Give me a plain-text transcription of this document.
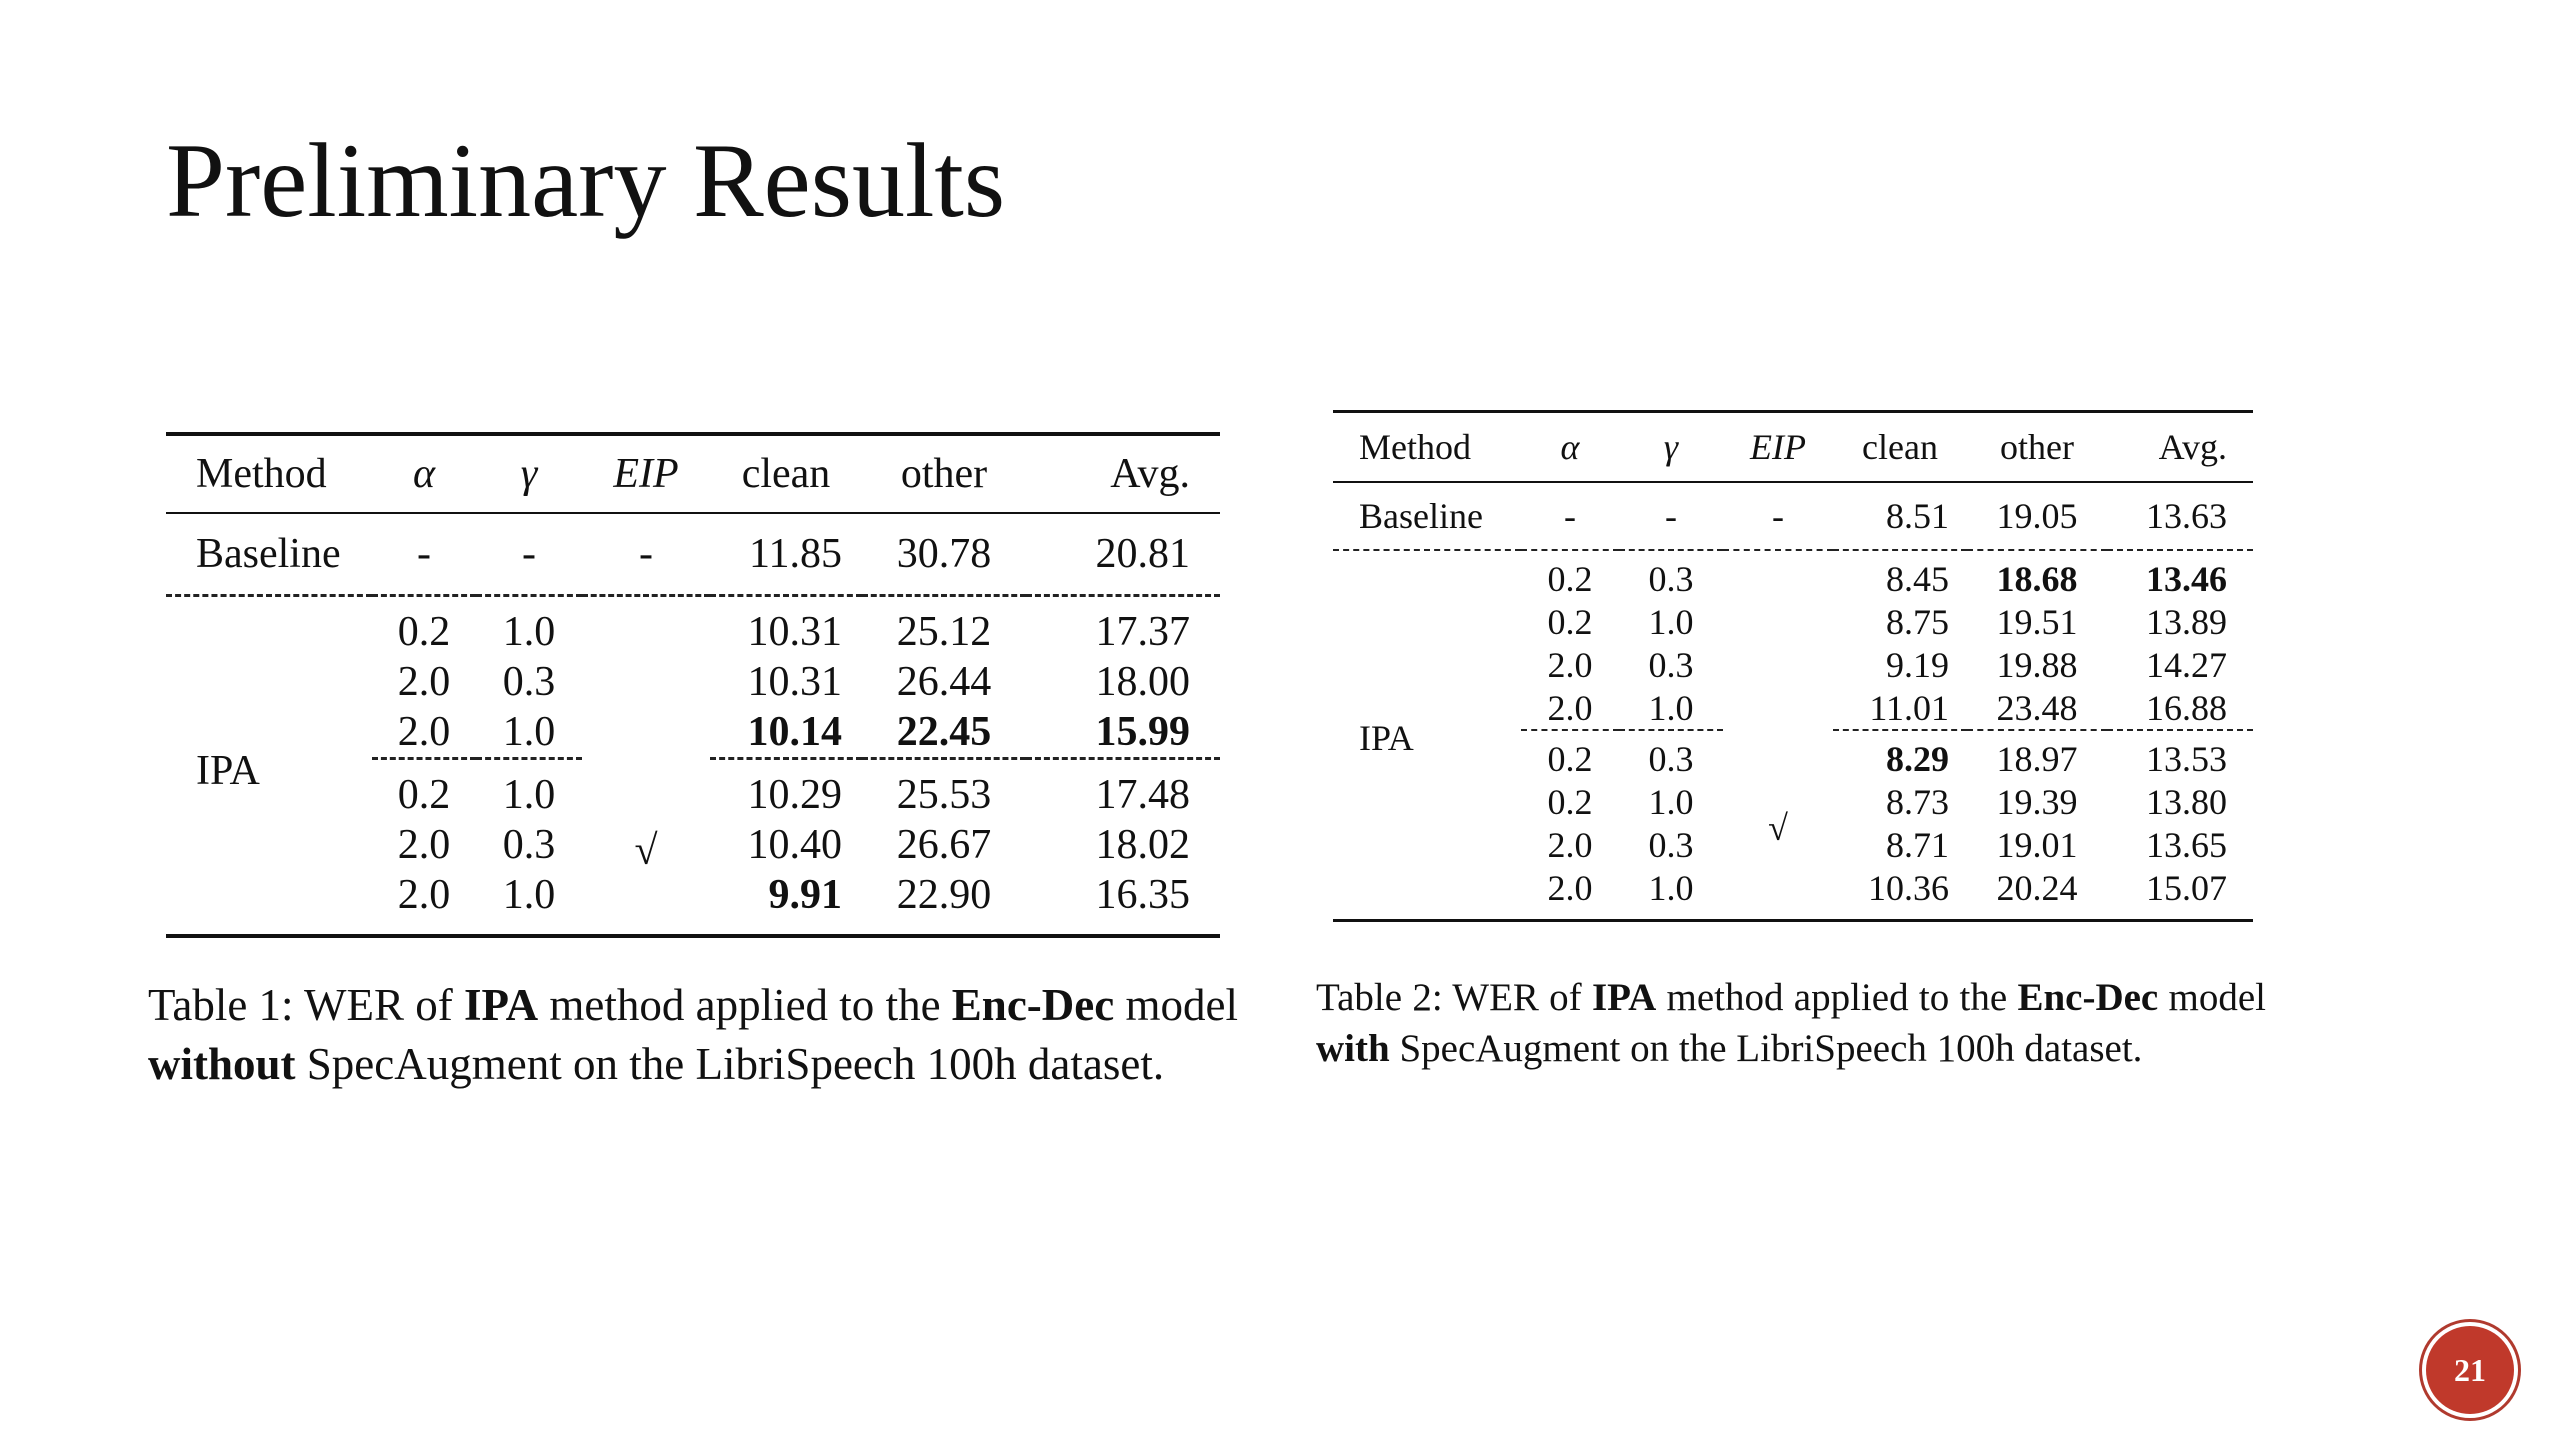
Preliminary Results
Method	α	γ	EIP	clean	other	Avg.
Baseline	-	-	-	11.85	30.78	20.81
IPA	0.2	1.0		10.31	25.12	17.37
	2.0	0.3		10.31	26.44	18.00
	2.0	1.0		10.14	22.45	15.99
	0.2	1.0	√	10.29	25.53	17.48
	2.0	0.3		10.40	26.67	18.02
	2.0	1.0		9.91	22.90	16.35
Table 1: WER of IPA method applied to the Enc-Dec model without SpecAugment on the LibriSpeech 100h dataset.
Method	α	γ	EIP	clean	other	Avg.
Baseline	-	-	-	8.51	19.05	13.63
IPA	0.2	0.3		8.45	18.68	13.46
	0.2	1.0		8.75	19.51	13.89
	2.0	0.3		9.19	19.88	14.27
	2.0	1.0		11.01	23.48	16.88
	0.2	0.3	√	8.29	18.97	13.53
	0.2	1.0		8.73	19.39	13.80
	2.0	0.3		8.71	19.01	13.65
	2.0	1.0		10.36	20.24	15.07
Table 2: WER of IPA method applied to the Enc-Dec model with SpecAugment on the LibriSpeech 100h dataset.
21
